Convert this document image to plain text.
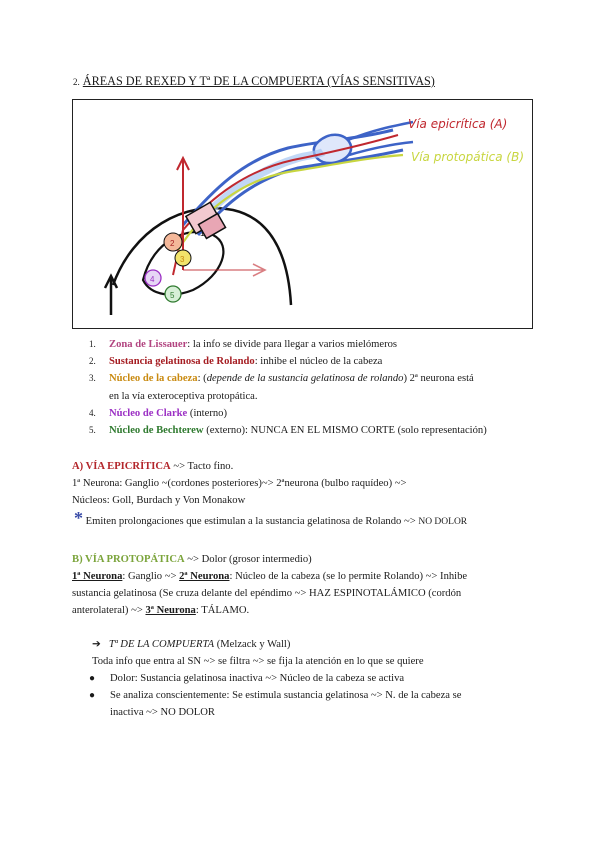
2. ÁREAS DE REXED Y Tª DE LA COMPUERTA (VÍAS SENSITIVAS)
1
2
3
4
5
Vía epicrítica (A)
Vía protopática (B)
1. Zona de Lissauer: la info se divide para llegar a varios mielómeros
2. Sustancia gelatinosa de Rolando: inhibe el núcleo de la cabeza
3. Núcleo de la cabeza: (depende de la sustancia gelatinosa de rolando) 2ª neurona está
en la vía exteroceptiva protopática.
4. Núcleo de Clarke (interno)
5. Núcleo de Bechterew (externo): NUNCA EN EL MISMO CORTE (solo representación)
A) VÍA EPICRÍTICA ~> Tacto fino.
1ª Neurona: Ganglio ~(cordones posteriores)~> 2ªneurona (bulbo raquídeo) ~>
Núcleos: Goll, Burdach y Von Monakow
* Emiten prolongaciones que estimulan a la sustancia gelatinosa de Rolando ~> NO DOLOR
B) VÍA PROTOPÁTICA ~> Dolor (grosor intermedio)
1ª Neurona: Ganglio ~> 2ª Neurona: Núcleo de la cabeza (se lo permite Rolando) ~> Inhibe
sustancia gelatinosa (Se cruza delante del epéndimo ~> HAZ ESPINOTALÁMICO (cordón
anterolateral) ~> 3ª Neurona: TÁLAMO.
➔ Tª DE LA COMPUERTA (Melzack y Wall)
Toda info que entra al SN ~> se filtra ~> se fija la atención en lo que se quiere
● Dolor: Sustancia gelatinosa inactiva ~> Núcleo de la cabeza se activa
● Se analiza conscientemente: Se estimula sustancia gelatinosa ~> N. de la cabeza se
inactiva ~> NO DOLOR
